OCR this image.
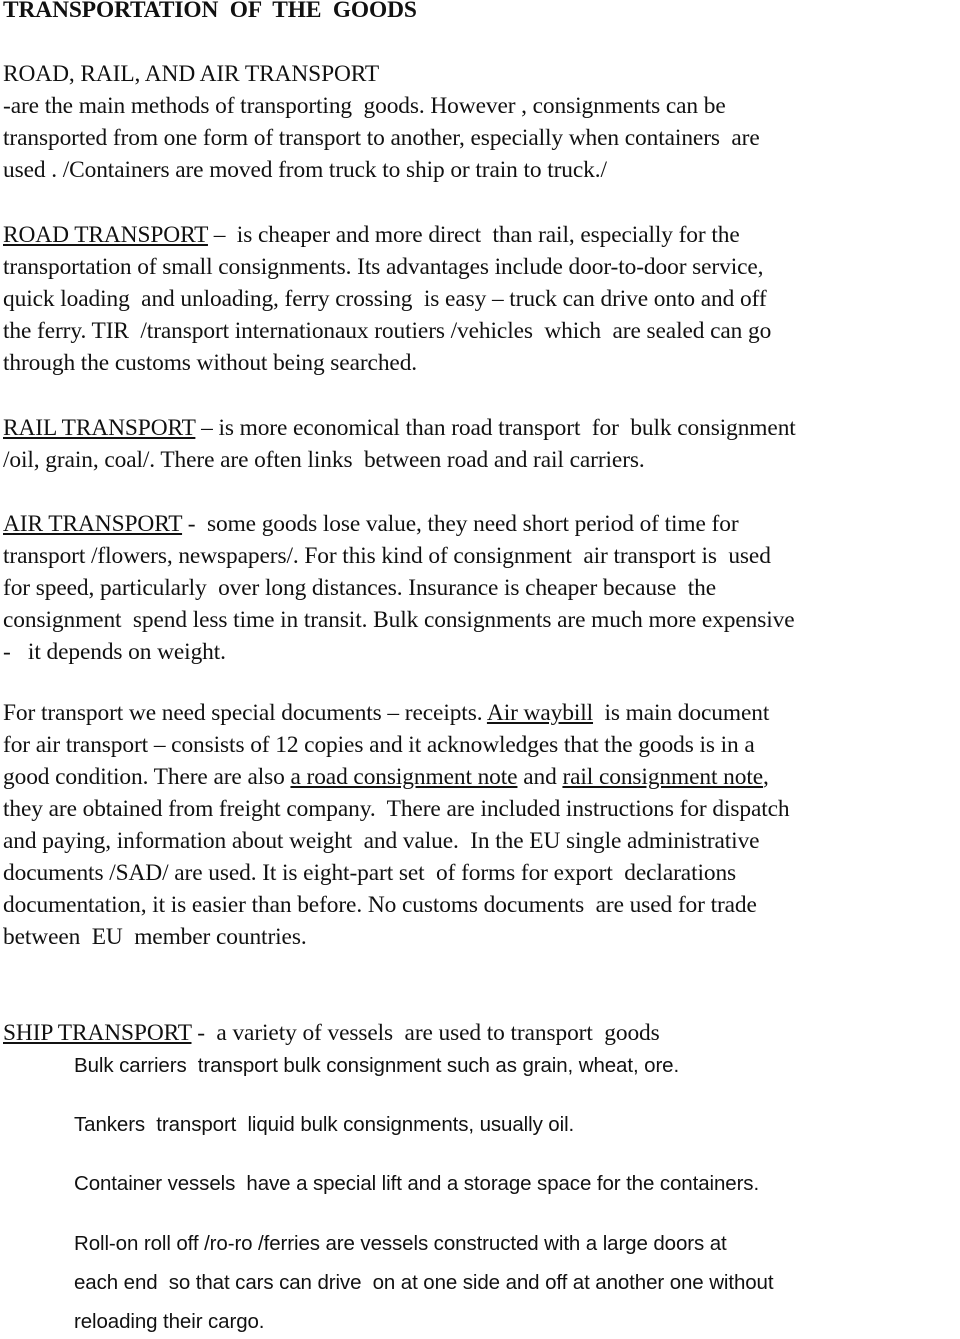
TRANSPORTATION  OF  THE  GOODS
ROAD, RAIL, AND AIR TRANSPORT
-are the main methods of transporting  goods. However , consignments can be
transported from one form of transport to another, especially when containers  are
used . /Containers are moved from truck to ship or train to truck./
ROAD TRANSPORT –  is cheaper and more direct  than rail, especially for the
transportation of small consignments. Its advantages include door-to-door service,
quick loading  and unloading, ferry crossing  is easy – truck can drive onto and off
the ferry. TIR  /transport internationaux routiers /vehicles  which  are sealed can go
through the customs without being searched.
RAIL TRANSPORT – is more economical than road transport  for  bulk consignment
/oil, grain, coal/. There are often links  between road and rail carriers.
AIR TRANSPORT -  some goods lose value, they need short period of time for
transport /flowers, newspapers/. For this kind of consignment  air transport is  used
for speed, particularly  over long distances. Insurance is cheaper because  the
consignment  spend less time in transit. Bulk consignments are much more expensive
-   it depends on weight.
For transport we need special documents – receipts. Air waybill  is main document
for air transport – consists of 12 copies and it acknowledges that the goods is in a
good condition. There are also a road consignment note and rail consignment note,
they are obtained from freight company.  There are included instructions for dispatch
and paying, information about weight  and value.  In the EU single administrative
documents /SAD/ are used. It is eight-part set  of forms for export  declarations
documentation, it is easier than before. No customs documents  are used for trade
between  EU  member countries.
SHIP TRANSPORT -  a variety of vessels  are used to transport  goods
Bulk carriers  transport bulk consignment such as grain, wheat, ore.
Tankers  transport  liquid bulk consignments, usually oil.
Container vessels  have a special lift and a storage space for the containers.
Roll-on roll off /ro-ro /ferries are vessels constructed with a large doors at
each end  so that cars can drive  on at one side and off at another one without
reloading their cargo.
